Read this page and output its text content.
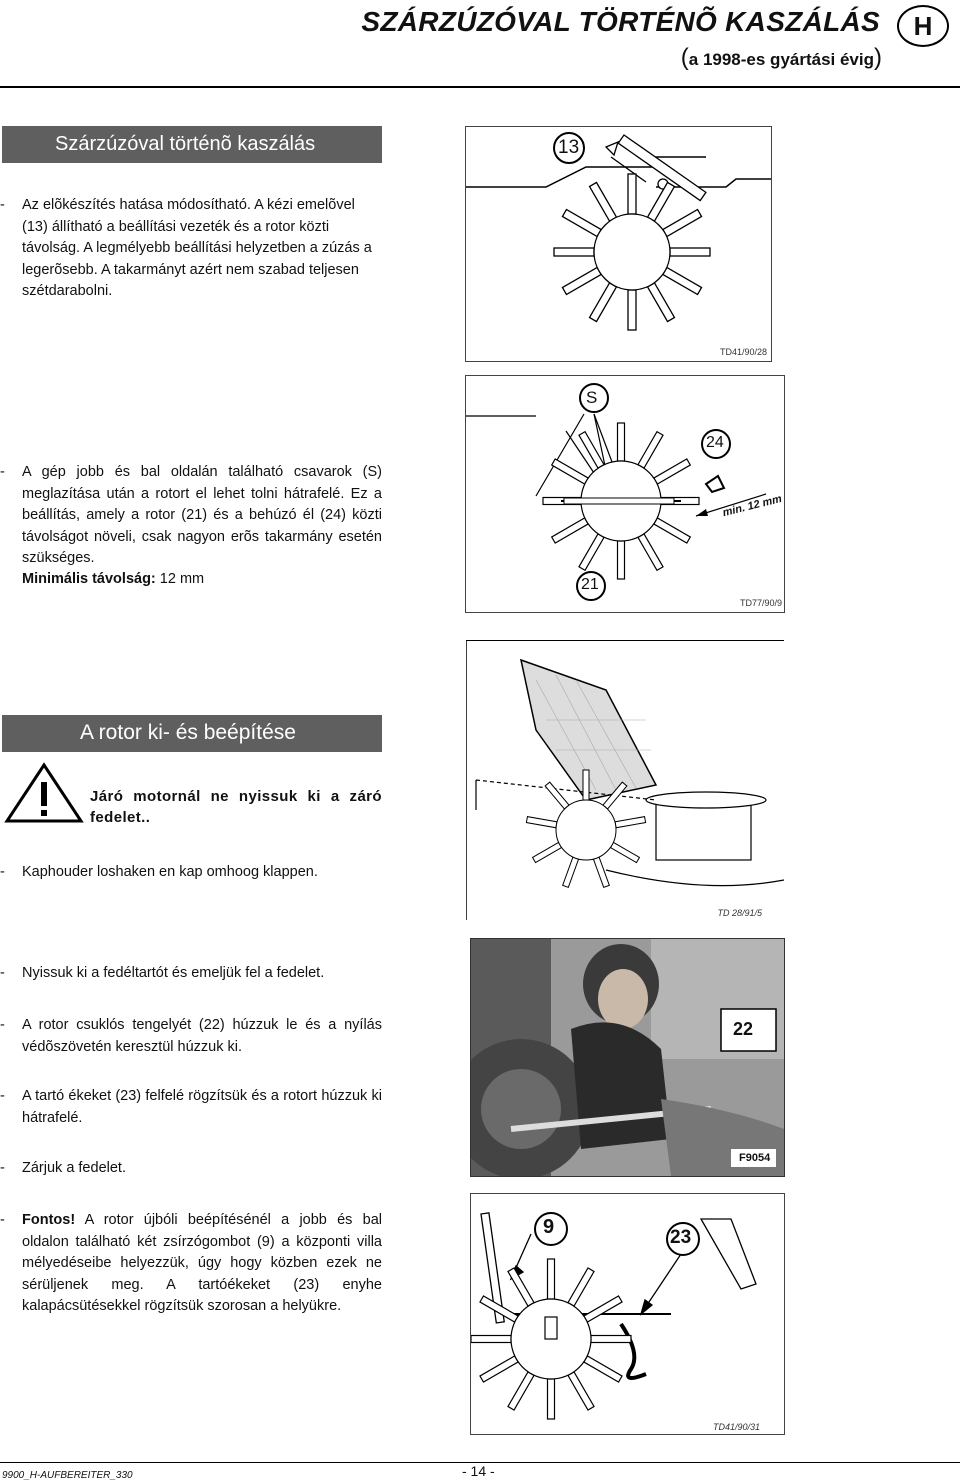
SZÁRZÚZÓVAL TÖRTÉNÕ KASZÁLÁS	H
(a 1998-es gyártási évig)
Szárzúzóval történõ kaszálás
- Az elõkészítés hatása módosítható. A kézi emelõvel (13) állítható a beállítási vezeték és a rotor közti távolság. A legmélyebb beállítási helyzetben a zúzás a legerõsebb. A takarmányt azért nem szabad teljesen szétdarabolni.
13
TD41/90/28
S
24
21
min. 12 mm
TD77/90/9
- A gép jobb és bal oldalán található csavarok (S) meglazítása után a rotort el lehet tolni hátrafelé. Ez a beállítás, amely a rotor (21) és a behúzó él (24) közti távolságot növeli, csak nagyon erõs takarmány esetén szükséges.
Minimális távolság: 12 mm
TD 28/91/5
A rotor ki- és beépítése
Járó motornál ne nyissuk ki a záró fedelet..
- Kaphouder loshaken en kap omhoog klappen.
- Nyissuk ki a fedéltartót és emeljük fel a fedelet.
- A rotor csuklós tengelyét (22) húzzuk le és a nyílás védõszövetén keresztül húzzuk ki.
- A tartó ékeket (23) felfelé rögzítsük és a rotort húzzuk ki hátrafelé.
- Zárjuk a fedelet.
- Fontos! A rotor újbóli beépítésénél a jobb és bal oldalon található két zsírzógombot (9) a központi villa mélyedéseibe helyezzük, úgy hogy közben ezek ne sérüljenek meg. A tartóékeket (23) enyhe kalapácsütésekkel rögzítsük szorosan a helyükre.
22
F9054
9	23
TD41/90/31
9900_H-AUFBEREITER_330	- 14 -
